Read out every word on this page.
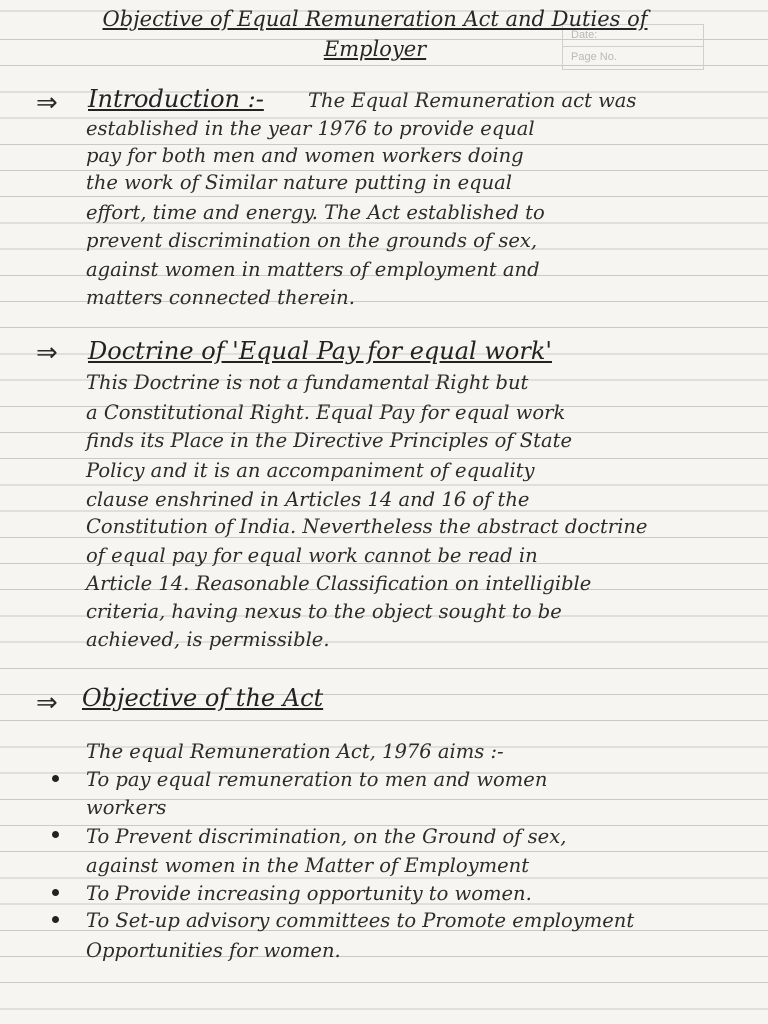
Date:
Page No.
Objective of Equal Remuneration Act and Duties of
Employer
⇒ Introduction :- The Equal Remuneration act was
established in the year 1976 to provide equal
pay for both men and women workers doing
the work of Similar nature putting in equal
effort, time and energy. The Act established to
prevent discrimination on the grounds of sex,
against women in matters of employment and
matters connected therein.
⇒ Doctrine of 'Equal Pay for equal work'
This Doctrine is not a fundamental Right but
a Constitutional Right. Equal Pay for equal work
finds its Place in the Directive Principles of State
Policy and it is an accompaniment of equality
clause enshrined in Articles 14 and 16 of the
Constitution of India. Nevertheless the abstract doctrine
of equal pay for equal work cannot be read in
Article 14. Reasonable Classification on intelligible
criteria, having nexus to the object sought to be
achieved, is permissible.
⇒ Objective of the Act
The equal Remuneration Act, 1976 aims :-
To pay equal remuneration to men and women
workers
To Prevent discrimination, on the Ground of sex,
against women in the Matter of Employment
To Provide increasing opportunity to women.
To Set-up advisory committees to Promote employment
Opportunities for women.
